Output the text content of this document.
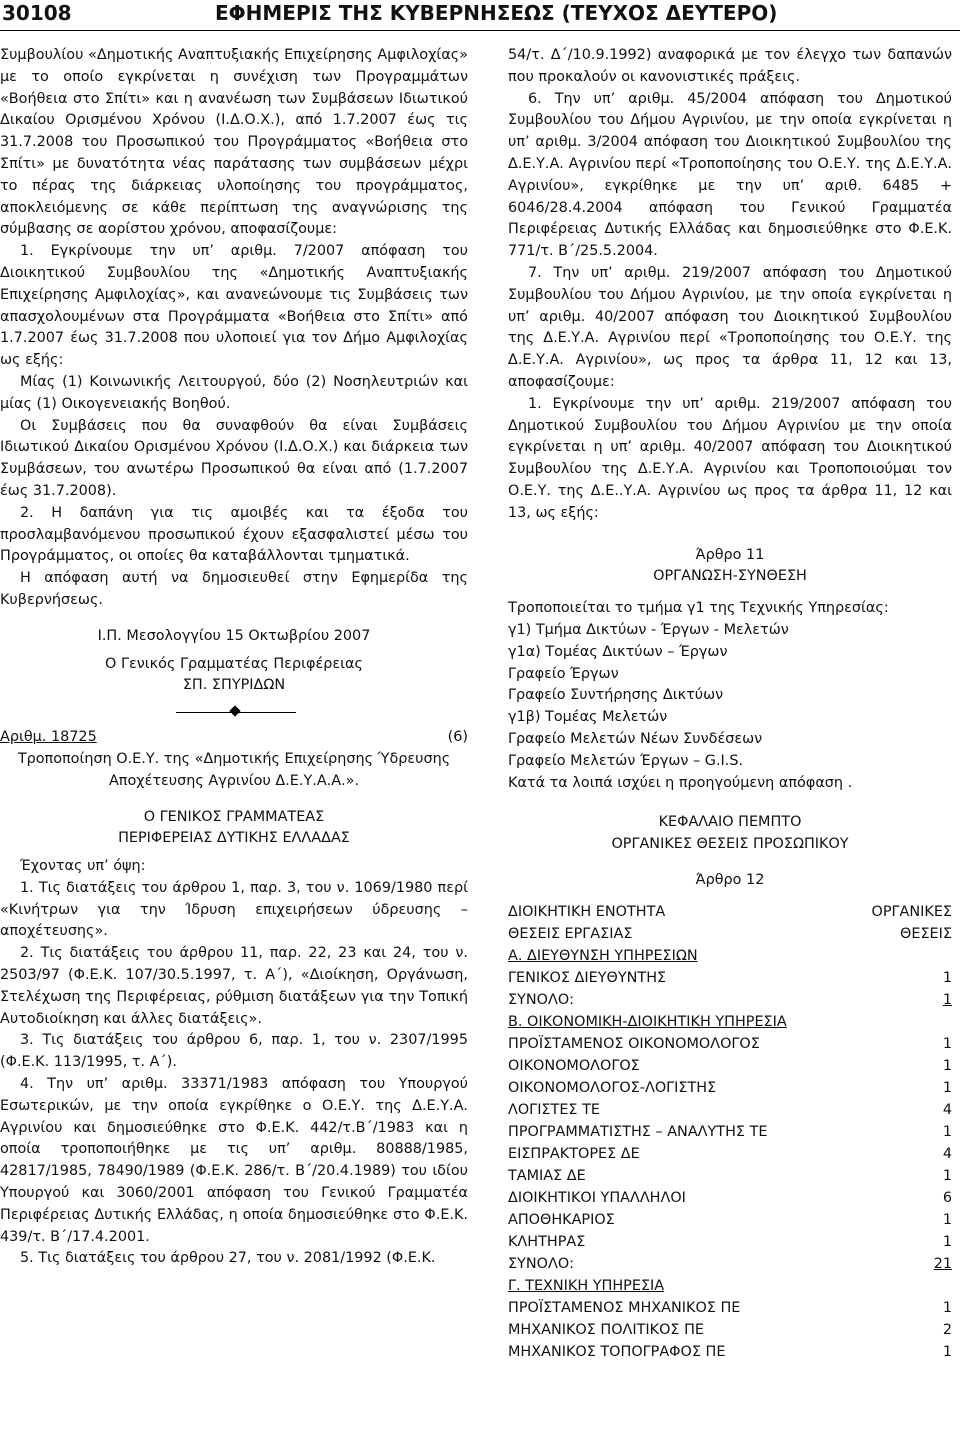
30108	ΕΦΗΜΕΡΙΣ ΤΗΣ ΚΥΒΕΡΝΗΣΕΩΣ (ΤΕΥΧΟΣ ΔΕΥΤΕΡΟ)

Συμβουλίου «Δημοτικής Αναπτυξιακής Επιχείρησης Αμφιλοχίας» με το οποίο εγκρίνεται η συνέχιση των Προγραμμάτων «Βοήθεια στο Σπίτι» και η ανανέωση των Συμβάσεων Ιδιωτικού Δικαίου Ορισμένου Χρόνου (Ι.Δ.Ο.Χ.), από 1.7.2007 έως τις 31.7.2008 του Προσωπικού του Προγράμματος «Βοήθεια στο Σπίτι» με δυνατότητα νέας παράτασης των συμβάσεων μέχρι το πέρας της διάρκειας υλοποίησης του προγράμματος, αποκλειόμενης σε κάθε περίπτωση της αναγνώρισης της σύμβασης σε αορίστου χρόνου, αποφασίζουμε:

1. Εγκρίνουμε την υπ’ αριθμ. 7/2007 απόφαση του Διοικητικού Συμβουλίου της «Δημοτικής Αναπτυξιακής Επιχείρησης Αμφιλοχίας», και ανανεώνουμε τις Συμβάσεις των απασχολουμένων στα Προγράμματα «Βοήθεια στο Σπίτι» από 1.7.2007 έως 31.7.2008 που υλοποιεί για τον Δήμο Αμφιλοχίας ως εξής:

Μίας (1) Κοινωνικής Λειτουργού, δύο (2) Νοσηλευτριών και μίας (1) Οικογενειακής Βοηθού.

Οι Συμβάσεις που θα συναφθούν θα είναι Συμβάσεις Ιδιωτικού Δικαίου Ορισμένου Χρόνου (Ι.Δ.Ο.Χ.) και διάρκεια των Συμβάσεων, του ανωτέρω Προσωπικού θα είναι από (1.7.2007 έως 31.7.2008).

2. Η δαπάνη για τις αμοιβές και τα έξοδα του προσλαμβανόμενου προσωπικού έχουν εξασφαλιστεί μέσω του Προγράμματος, οι οποίες θα καταβάλλονται τμηματικά.

Η απόφαση αυτή να δημοσιευθεί στην Εφημερίδα της Κυβερνήσεως.

Ι.Π. Μεσολογγίου 15 Οκτωβρίου 2007

Ο Γενικός Γραμματέας Περιφέρειας

ΣΠ. ΣΠΥΡΙΔΩΝ

Αριθμ. 18725	(6)

Τροποποίηση Ο.Ε.Υ. της «Δημοτικής Επιχείρησης Ύδρευσης Αποχέτευσης Αγρινίου Δ.Ε.Υ.Α.Α.».

Ο ΓΕΝΙΚΟΣ ΓΡΑΜΜΑΤΕΑΣ

ΠΕΡΙΦΕΡΕΙΑΣ ΔΥΤΙΚΗΣ ΕΛΛΑΔΑΣ

Έχοντας υπ’ όψη:

1. Τις διατάξεις του άρθρου 1, παρ. 3, του ν. 1069/1980 περί «Κινήτρων για την Ίδρυση επιχειρήσεων ύδρευσης – αποχέτευσης».

2. Τις διατάξεις του άρθρου 11, παρ. 22, 23 και 24, του ν. 2503/97 (Φ.Ε.Κ. 107/30.5.1997, τ. Α΄), «Διοίκηση, Οργάνωση, Στελέχωση της Περιφέρειας, ρύθμιση διατάξεων για την Τοπική Αυτοδιοίκηση και άλλες διατάξεις».

3. Τις διατάξεις του άρθρου 6, παρ. 1, του ν. 2307/1995 (Φ.Ε.Κ. 113/1995, τ. Α΄).

4. Την υπ’ αριθμ. 33371/1983 απόφαση του Υπουργού Εσωτερικών, με την οποία εγκρίθηκε ο Ο.Ε.Υ. της Δ.Ε.Υ.Α. Αγρινίου και δημοσιεύθηκε στο Φ.Ε.Κ. 442/τ.Β΄/1983 και η οποία τροποποιήθηκε με τις υπ’ αριθμ. 80888/1985, 42817/1985, 78490/1989 (Φ.Ε.Κ. 286/τ. Β΄/20.4.1989) του ιδίου Υπουργού και 3060/2001 απόφαση του Γενικού Γραμματέα Περιφέρειας Δυτικής Ελλάδας, η οποία δημοσιεύθηκε στο Φ.Ε.Κ. 439/τ. Β΄/17.4.2001.

5. Τις διατάξεις του άρθρου 27, του ν. 2081/1992 (Φ.Ε.Κ.

54/τ. Δ΄/10.9.1992) αναφορικά με τον έλεγχο των δαπανών που προκαλούν οι κανονιστικές πράξεις.

6. Την υπ’ αριθμ. 45/2004 απόφαση του Δημοτικού Συμβουλίου του Δήμου Αγρινίου, με την οποία εγκρίνεται η υπ’ αριθμ. 3/2004 απόφαση του Διοικητικού Συμβουλίου της Δ.Ε.Υ.Α. Αγρινίου περί «Τροποποίησης του Ο.Ε.Υ. της Δ.Ε.Υ.Α. Αγρινίου», εγκρίθηκε με την υπ’ αριθ. 6485 + 6046/28.4.2004 απόφαση του Γενικού Γραμματέα Περιφέρειας Δυτικής Ελλάδας και δημοσιεύθηκε στο Φ.Ε.Κ. 771/τ. Β΄/25.5.2004.

7. Την υπ’ αριθμ. 219/2007 απόφαση του Δημοτικού Συμβουλίου του Δήμου Αγρινίου, με την οποία εγκρίνεται η υπ’ αριθμ. 40/2007 απόφαση του Διοικητικού Συμβουλίου της Δ.Ε.Υ.Α. Αγρινίου περί «Τροποποίησης του Ο.Ε.Υ. της Δ.Ε.Υ.Α. Αγρινίου», ως προς τα άρθρα 11, 12 και 13, αποφασίζουμε:

1. Εγκρίνουμε την υπ’ αριθμ. 219/2007 απόφαση του Δημοτικού Συμβουλίου του Δήμου Αγρινίου με την οποία εγκρίνεται η υπ’ αριθμ. 40/2007 απόφαση του Διοικητικού Συμβουλίου της Δ.Ε.Υ.Α. Αγρινίου και Τροποποιούμαι τον Ο.Ε.Υ. της Δ.Ε..Υ.Α. Αγρινίου ως προς τα άρθρα 11, 12 και 13, ως εξής:

Άρθρο 11

ΟΡΓΑΝΩΣΗ-ΣΥΝΘΕΣΗ

Τροποποιείται το τμήμα γ1 της Τεχνικής Υπηρεσίας:

γ1) Τμήμα Δικτύων - Έργων - Μελετών

γ1α) Τομέας Δικτύων – Έργων

Γραφείο Έργων

Γραφείο Συντήρησης Δικτύων

γ1β) Τομέας Μελετών

Γραφείο Μελετών Νέων Συνδέσεων

Γραφείο Μελετών Έργων – G.I.S.

Κατά τα λοιπά ισχύει η προηγούμενη απόφαση .

ΚΕΦΑΛΑΙΟ ΠΕΜΠΤΟ

ΟΡΓΑΝΙΚΕΣ ΘΕΣΕΙΣ ΠΡΟΣΩΠΙΚΟΥ

Άρθρο 12

ΔΙΟΙΚΗΤΙΚΗ ΕΝΟΤΗΤΑ	ΟΡΓΑΝΙΚΕΣ
ΘΕΣΕΙΣ ΕΡΓΑΣΙΑΣ	ΘΕΣΕΙΣ
Α. ΔΙΕΥΘΥΝΣΗ ΥΠΗΡΕΣΙΩΝ	
ΓΕΝΙΚΟΣ ΔΙΕΥΘΥΝΤΗΣ	1
ΣΥΝΟΛΟ:	1
Β. ΟΙΚΟΝΟΜΙΚΗ-ΔΙΟΙΚΗΤΙΚΗ ΥΠΗΡΕΣΙΑ	
ΠΡΟΪΣΤΑΜΕΝΟΣ ΟΙΚΟΝΟΜΟΛΟΓΟΣ	1
ΟΙΚΟΝΟΜΟΛΟΓΟΣ	1
ΟΙΚΟΝΟΜΟΛΟΓΟΣ-ΛΟΓΙΣΤΗΣ	1
ΛΟΓΙΣΤΕΣ ΤΕ	4
ΠΡΟΓΡΑΜΜΑΤΙΣΤΗΣ – ΑΝΑΛΥΤΗΣ ΤΕ	1
ΕΙΣΠΡΑΚΤΟΡΕΣ ΔΕ	4
ΤΑΜΙΑΣ ΔΕ	1
ΔΙΟΙΚΗΤΙΚΟΙ ΥΠΑΛΛΗΛΟΙ	6
ΑΠΟΘΗΚΑΡΙΟΣ	1
ΚΛΗΤΗΡΑΣ	1
ΣΥΝΟΛΟ:	21
Γ. ΤΕΧΝΙΚΗ ΥΠΗΡΕΣΙΑ	
ΠΡΟΪΣΤΑΜΕΝΟΣ ΜΗΧΑΝΙΚΟΣ ΠΕ	1
ΜΗΧΑΝΙΚΟΣ ΠΟΛΙΤΙΚΟΣ ΠΕ	2
ΜΗΧΑΝΙΚΟΣ ΤΟΠΟΓΡΑΦΟΣ ΠΕ	1
